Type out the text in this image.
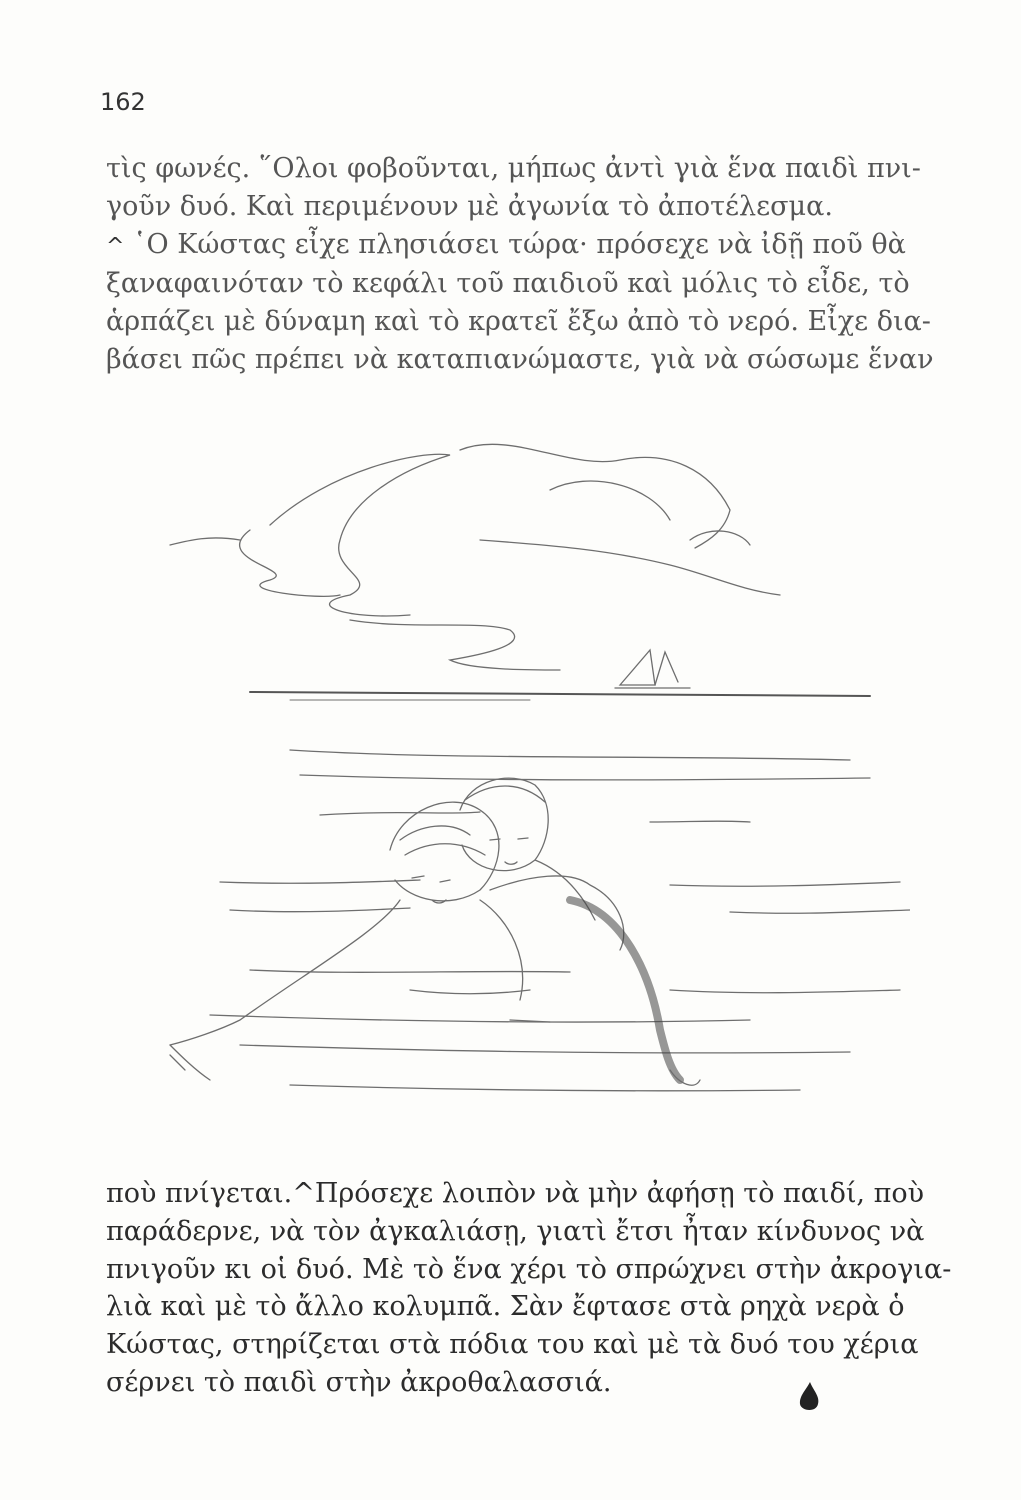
162
τὶς φωνές. ῞Ολοι φοβοῦνται, μήπως ἀντὶ γιὰ ἕνα παιδὶ πνι-
γοῦν δυό. Καὶ περιμένουν μὲ ἀγωνία τὸ ἀποτέλεσμα.
^ ῾Ο Κώστας εἶχε πλησιάσει τώρα· πρόσεχε νὰ ἰδῇ ποῦ θὰ
ξαναφαινόταν τὸ κεφάλι τοῦ παιδιοῦ καὶ μόλις τὸ εἶδε, τὸ
ἁρπάζει μὲ δύναμη καὶ τὸ κρατεῖ ἔξω ἀπὸ τὸ νερό. Εἶχε δια-
βάσει πῶς πρέπει νὰ καταπιανώμαστε, γιὰ νὰ σώσωμε ἕναν
ποὺ πνίγεται.^Πρόσεχε λοιπὸν νὰ μὴν ἀφήσῃ τὸ παιδί, ποὺ
παράδερνε, νὰ τὸν ἀγκαλιάσῃ, γιατὶ ἔτσι ἦταν κίνδυνος νὰ
πνιγοῦν κι οἱ δυό. Μὲ τὸ ἕνα χέρι τὸ σπρώχνει στὴν ἀκρογια-
λιὰ καὶ μὲ τὸ ἄλλο κολυμπᾶ. Σὰν ἔφτασε στὰ ρηχὰ νερὰ ὁ
Κώστας, στηρίζεται στὰ πόδια του καὶ μὲ τὰ δυό του χέρια
σέρνει τὸ παιδὶ στὴν ἀκροθαλασσιά.
